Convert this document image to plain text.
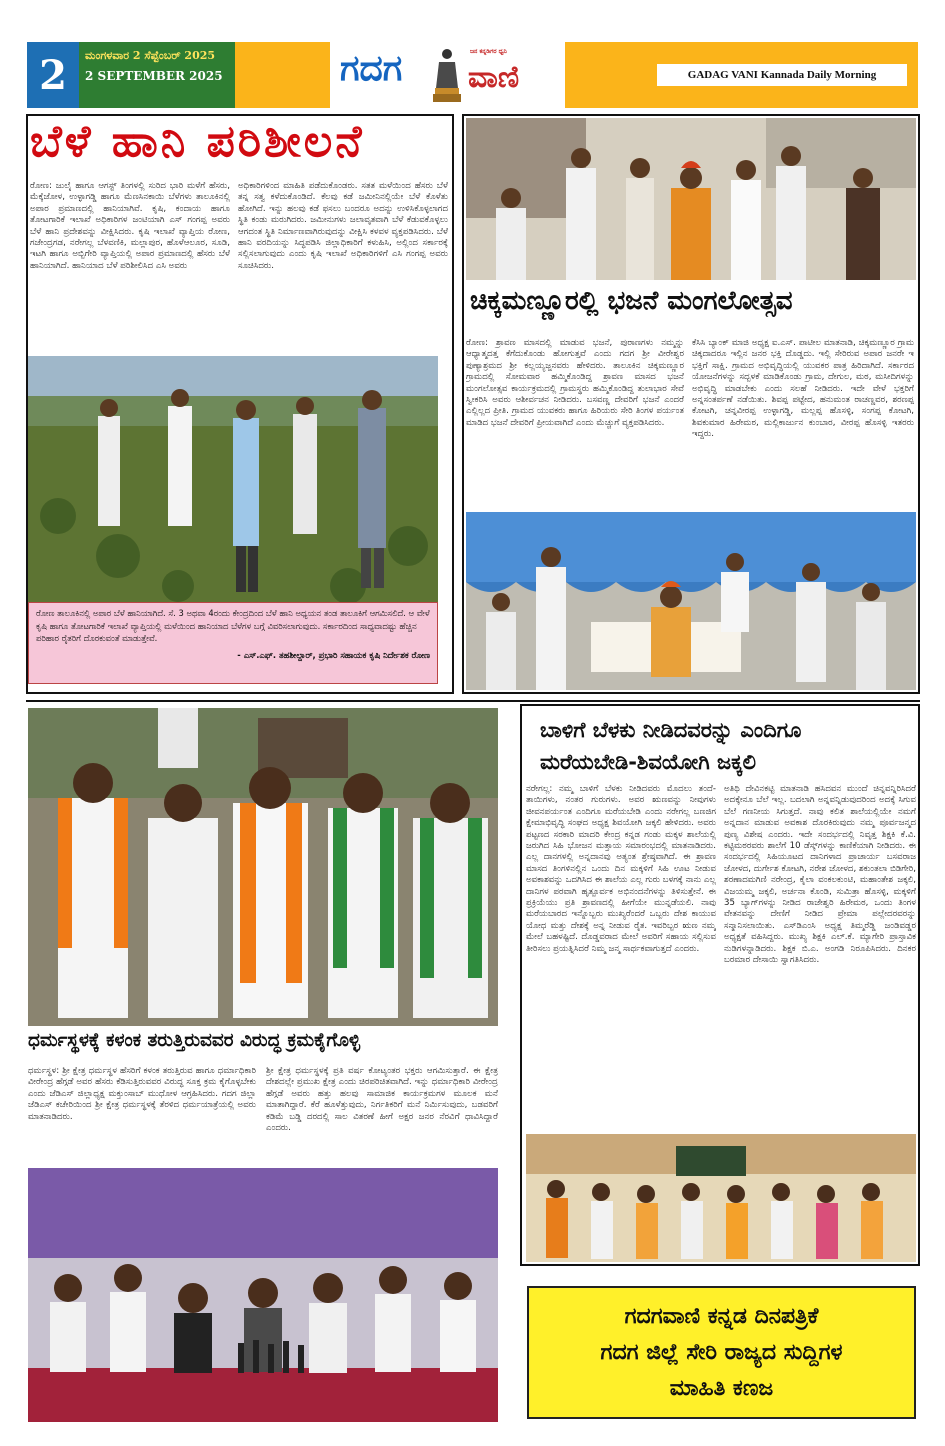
2	ಮಂಗಳವಾರ 2 ಸೆಪ್ಟೆಂಬರ್ 2025
2 SEPTEMBER 2025	ಗದಗ	ಜನ ಕನ್ನಡಿಗರ ಧ್ವನಿ
ವಾಣಿ	GADAG VANI Kannada Daily Morning
ಬೆಳೆ ಹಾನಿ ಪರಿಶೀಲನೆ

ರೋಣ: ಜುಲೈ ಹಾಗೂ ಆಗಸ್ಟ್ ತಿಂಗಳಲ್ಲಿ ಸುರಿದ ಭಾರಿ ಮಳೆಗೆ ಹೆಸರು, ಮೆಕ್ಕೆಜೋಳ, ಉಳ್ಳಾಗಡ್ಡಿ ಹಾಗೂ ಮೆಣಸಿನಕಾಯಿ ಬೆಳೆಗಳು ತಾಲೂಕಿನಲ್ಲಿ ಅಪಾರ ಪ್ರಮಾಣದಲ್ಲಿ ಹಾನಿಯಾಗಿವೆ. ಕೃಷಿ, ಕಂದಾಯ ಹಾಗೂ ತೋಟಗಾರಿಕೆ ಇಲಾಖೆ ಅಧಿಕಾರಿಗಳ ಜಂಟಿಯಾಗಿ ಎಸ್ ಗಂಗಪ್ಪ ಅವರು ಬೆಳೆ ಹಾನಿ ಪ್ರದೇಶವನ್ನು ವೀಕ್ಷಿಸಿದರು. ಕೃಷಿ ಇಲಾಖೆ ವ್ಯಾಪ್ತಿಯ ರೋಣ, ಗಜೇಂದ್ರಗಡ, ನರೇಗಲ್ಲ ಬೆಳವಣಿಕಿ, ಮಲ್ಲಾಪುರ, ಹೊಳೆಆಲೂರ, ಸೂಡಿ, ಇಟಗಿ ಹಾಗೂ ಅಬ್ಬಿಗೇರಿ ವ್ಯಾಪ್ತಿಯಲ್ಲಿ ಅಪಾರ ಪ್ರಮಾಣದಲ್ಲಿ ಹೆಸರು ಬೆಳೆ ಹಾನಿಯಾಗಿದೆ. ಹಾನಿಯಾದ ಬೆಳೆ ಪರಿಶೀಲಿಸಿದ ಎಸಿ ಅವರು

ಅಧಿಕಾರಿಗಳಿಂದ ಮಾಹಿತಿ ಪಡೆದುಕೊಂಡರು. ಸತತ ಮಳೆಯಿಂದ ಹೆಸರು ಬೆಳೆ ತನ್ನ ಸತ್ವ ಕಳೆದುಕೊಂಡಿದೆ. ಕೆಲವು ಕಡೆ ಜಮೀನಿನಲ್ಲಿಯೇ ಬೆಳೆ ಕೊಳೆತು ಹೋಗಿದೆ. ಇನ್ನು ಹಲವು ಕಡೆ ಫಸಲು ಬಂದರೂ ಅದನ್ನು ಉಳಿಸಿಕೊಳ್ಳಲಾಗದ ಸ್ಥಿತಿ ಕಂಡು ಮರುಗಿದರು. ಜಮೀನುಗಳು ಜಲಾವೃತವಾಗಿ ಬೆಳೆ ಕೆಡುವಕೊಳ್ಳಲು ಆಗದಂತ ಸ್ಥಿತಿ ನಿರ್ಮಾಣವಾಗಿರುವುದನ್ನು ವೀಕ್ಷಿಸಿ ಕಳವಳ ವ್ಯಕ್ತಪಡಿಸಿದರು. ಬೆಳೆ ಹಾನಿ ವರದಿಯನ್ನು ಸಿದ್ಧಪಡಿಸಿ ಜಿಲ್ಲಾಧಿಕಾರಿಗೆ ಕಳುಹಿಸಿ, ಅಲ್ಲಿಂದ ಸರ್ಕಾರಕ್ಕೆ ಸಲ್ಲಿಸಲಾಗುವುದು ಎಂದು ಕೃಷಿ ಇಲಾಖೆ ಅಧಿಕಾರಿಗಳಿಗೆ ಎಸಿ ಗಂಗಪ್ಪ ಅವರು ಸೂಚಿಸಿದರು.

ರೋಣ ತಾಲೂಕಿನಲ್ಲಿ ಅಪಾರ ಬೆಳೆ ಹಾನಿಯಾಗಿದೆ. ಸೆ. 3 ಅಥವಾ 4ರಂದು ಕೇಂದ್ರದಿಂದ ಬೆಳೆ ಹಾನಿ ಅಧ್ಯಯನ ತಂಡ ತಾಲೂಕಿಗೆ ಆಗಮಿಸಲಿದೆ. ಆ ವೇಳೆ ಕೃಷಿ ಹಾಗೂ ತೋಟಗಾರಿಕೆ ಇಲಾಖೆ ವ್ಯಾಪ್ತಿಯಲ್ಲಿ ಮಳೆಯಿಂದ ಹಾನಿಯಾದ ಬೆಳೆಗಳ ಬಗ್ಗೆ ವಿವರಿಸಲಾಗುವುದು. ಸರ್ಕಾರದಿಂದ ಸಾಧ್ಯವಾದಷ್ಟು ಹೆಚ್ಚಿನ ಪರಿಹಾರ ರೈತರಿಗೆ ದೊರಕುವಂತೆ ಮಾಡುತ್ತೇವೆ.
- ಎಸ್.ಎಫ್. ತಹಶೀಲ್ದಾರ್, ಪ್ರಭಾರಿ ಸಹಾಯಕ ಕೃಷಿ ನಿರ್ದೇಶಕ ರೋಣ
ಚಿಕ್ಕಮಣ್ಣೂರಲ್ಲಿ ಭಜನೆ ಮಂಗಲೋತ್ಸವ

ರೋಣ: ಶ್ರಾವಣ ಮಾಸದಲ್ಲಿ ಮಾಡುವ ಭಜನೆ, ಪುರಾಣಗಳು ನಮ್ಮನ್ನು ಆಧ್ಯಾತ್ಮದತ್ತ ಕೆಗೆದುಕೊಂಡು ಹೋಗುತ್ತವೆ ಎಂದು ಗದಗ ಶ್ರೀ ವೀರೇಶ್ವರ ಪುಣ್ಯಾಶ್ರಮದ ಶ್ರೀ ಕಲ್ಲಯ್ಯಜ್ಜನವರು ಹೇಳಿದರು. ತಾಲೂಕಿನ ಚಿಕ್ಕಮಣ್ಣೂರ ಗ್ರಾಮದಲ್ಲಿ ಸೋಮವಾರ ಹಮ್ಮಿಕೊಂಡಿದ್ದ ಶ್ರಾವಣ ಮಾಸದ ಭಜನೆ ಮಂಗಲೋತ್ಸವ ಕಾರ್ಯಕ್ರಮದಲ್ಲಿ ಗ್ರಾಮಸ್ಥರು ಹಮ್ಮಿಕೊಂಡಿದ್ದ ತುಲಾಭಾರ ಸೇವೆ ಸ್ವೀಕರಿಸಿ ಅವರು ಆಶೀರ್ವಚನ ನೀಡಿದರು. ಬಸವಣ್ಣ ದೇವರಿಗೆ ಭಜನೆ ಎಂದರೆ ಎಲ್ಲಿಲ್ಲದ ಪ್ರೀತಿ. ಗ್ರಾಮದ ಯುವಕರು ಹಾಗೂ ಹಿರಿಯರು ಸೇರಿ ತಿಂಗಳ ಪರ್ಯಂತ ಮಾಡಿದ ಭಜನೆ ದೇವರಿಗೆ ಪ್ರೀಯವಾಗಿದೆ ಎಂದು ಮೆಚ್ಚುಗೆ ವ್ಯಕ್ತಪಡಿಸಿದರು.

ಕೆಸಿಸಿ ಬ್ಯಾಂಕ್ ಮಾಜಿ ಅಧ್ಯಕ್ಷ ಐ.ಎಸ್. ಪಾಟೀಲ ಮಾತನಾಡಿ, ಚಿಕ್ಕಮಣ್ಣೂರ ಗ್ರಾಮ ಚಿಕ್ಕದಾದರೂ ಇಲ್ಲಿನ ಜನರ ಭಕ್ತಿ ದೊಡ್ಡದು. ಇಲ್ಲಿ ಸೇರಿರುವ ಅಪಾರ ಜನರೇ ಇ ಭಕ್ತಿಗೆ ಸಾಕ್ಷಿ. ಗ್ರಾಮದ ಅಭಿವೃದ್ಧಿಯಲ್ಲಿ ಯುವಕರ ಪಾತ್ರ ಹಿರಿದಾಗಿದೆ. ಸರ್ಕಾರದ ಯೋಜನೆಗಳನ್ನು ಸದ್ಬಳಕೆ ಮಾಡಿಕೊಂಡು ಗ್ರಾಮ, ದೇಗುಲ, ಮಠ, ಮಸೀದಿಗಳನ್ನು ಅಭಿವೃದ್ಧಿ ಮಾಡಬೇಕು ಎಂದು ಸಲಹೆ ನೀಡಿದರು. ಇದೇ ವೇಳೆ ಭಕ್ತರಿಗೆ ಅನ್ನಸಂತರ್ಪಣೆ ನಡೆಯಿತು. ಶಿವಪ್ಪ ಪಟ್ಟೇದ, ಹನುಮಂತ ರಾಚಣ್ಣವರ, ಶರಣಪ್ಪ ಕೋಟಗಿ, ಚನ್ನವೀರಪ್ಪ ಉಳ್ಳಾಗಡ್ಡಿ, ಮಲ್ಲಪ್ಪ ಹೊಸಳ್ಳಿ, ಸಂಗಪ್ಪ ಕೋಟಗಿ, ಶಿವಕುಮಾರ ಹಿರೇಮಠ, ಮಲ್ಲಿಕಾರ್ಜುನ ಕುಂಬಾರ, ವೀರಪ್ಪ ಹೊಸಳ್ಳಿ ಇತರರು ಇದ್ದರು.

ಧರ್ಮಸ್ಥಳಕ್ಕೆ ಕಳಂಕ ತರುತ್ತಿರುವವರ ವಿರುದ್ಧ ಕ್ರಮಕೈಗೊಳ್ಳಿ

ಧರ್ಮಸ್ಥಳ: ಶ್ರೀ ಕ್ಷೇತ್ರ ಧರ್ಮಸ್ಥಳ ಹೆಸರಿಗೆ ಕಳಂಕ ತರುತ್ತಿರುವ ಹಾಗೂ ಧರ್ಮಾಧಿಕಾರಿ ವೀರೇಂದ್ರ ಹೆಗ್ಗಡೆ ಅವರ ಹೆಸರು ಕೆಡಿಸುತ್ತಿರುವವರ ವಿರುದ್ಧ ಸೂಕ್ತ ಕ್ರಮ ಕೈಗೊಳ್ಳಬೇಕು ಎಂದು ಜೆಡಿಎಸ್ ಜಿಲ್ಲಾಧ್ಯಕ್ಷ ಮಕ್ತುಂಸಾಬ್ ಮುಧೋಳ ಆಗ್ರಹಿಸಿದರು. ಗದಗ ಜಿಲ್ಲಾ ಜೆಡಿಎಸ್ ಕಚೇರಿಯಿಂದ ಶ್ರೀ ಕ್ಷೇತ್ರ ಧರ್ಮಸ್ಥಳಕ್ಕೆ ತೆರಳಿದ ಧರ್ಮಯಾತ್ರೆಯಲ್ಲಿ ಅವರು ಮಾತನಾಡಿದರು.

ಶ್ರೀ ಕ್ಷೇತ್ರ ಧರ್ಮಸ್ಥಳಕ್ಕೆ ಪ್ರತಿ ವರ್ಷ ಕೋಟ್ಯಂತರ ಭಕ್ತರು ಆಗಮಿಸುತ್ತಾರೆ. ಈ ಕ್ಷೇತ್ರ ದೇಶದಲ್ಲೇ ಪ್ರಮುಖ ಕ್ಷೇತ್ರ ಎಂದು ಚಿರಪರಿಚಿತವಾಗಿದೆ. ಇನ್ನು ಧರ್ಮಾಧಿಕಾರಿ ವೀರೇಂದ್ರ ಹೆಗ್ಗಡೆ ಅವರು ಹತ್ತು ಹಲವು ಸಾಮಾಜಿಕ ಕಾರ್ಯಕ್ರಮಗಳ ಮೂಲಕ ಮನೆ ಮಾತಾಗಿದ್ದಾರೆ. ಕೆರೆ ಹೂಳೆತ್ತುವುದು, ನಿರ್ಗತಿಕರಿಗೆ ಮನೆ ನಿರ್ಮಿಸುವುದು, ಬಡವರಿಗೆ ಕಡಿಮೆ ಬಡ್ಡಿ ದರದಲ್ಲಿ ಸಾಲ ವಿತರಣೆ ಹೀಗೆ ಅಕ್ಷರ ಜನರ ನೆರವಿಗೆ ಧಾವಿಸಿದ್ದಾರೆ ಎಂದರು.

ಬಾಳಿಗೆ ಬೆಳಕು ನೀಡಿದವರನ್ನು ಎಂದಿಗೂ
ಮರೆಯಬೇಡಿ-ಶಿವಯೋಗಿ ಜಕ್ಕಲಿ

ನರೇಗಲ್ಲ: ನಮ್ಮ ಬಾಳಿಗೆ ಬೆಳಕು ನೀಡಿದವರು ಮೊದಲು ತಂದೆ-ತಾಯಿಗಳು, ನಂತರ ಗುರುಗಳು. ಅವರ ಋಣವನ್ನು ನೀವುಗಳು ಜೀವನಪರ್ಯಂತ ಎಂದಿಗೂ ಮರೆಯಬೇಡಿ ಎಂದು ನರೇಗಲ್ಲ ಬಣಜಿಗ ಕ್ಷೇಮಾಭಿವೃದ್ಧಿ ಸಂಘದ ಅಧ್ಯಕ್ಷ ಶಿವಯೋಗಿ ಜಕ್ಕಲಿ ಹೇಳಿದರು. ಅವರು ಪಟ್ಟಣದ ಸರಕಾರಿ ಮಾದರಿ ಕೇಂದ್ರ ಕನ್ನಡ ಗಂಡು ಮಕ್ಕಳ ಶಾಲೆಯಲ್ಲಿ ಜರುಗಿದ ಸಿಹಿ ಭೋಜನ ಮತ್ತಾಯ ಸಮಾರಂಭದಲ್ಲಿ ಮಾತನಾಡಿದರು. ಎಲ್ಲ ದಾನಗಳಲ್ಲಿ ಅನ್ನದಾನವು ಅತ್ಯಂತ ಶ್ರೇಷ್ಠವಾಗಿದೆ. ಈ ಶ್ರಾವಣ ಮಾಸದ ತಿಂಗಳಿನಲ್ಲಿನ ಒಂದು ದಿನ ಮಕ್ಕಳಿಗೆ ಸಿಹಿ ಊಟ ನೀಡುವ ಅವಕಾಶವನ್ನು ಒದಗಿಸಿದ ಈ ಶಾಲೆಯ ಎಲ್ಲ ಗುರು ಬಳಗಕ್ಕೆ ನಾನು ಎಲ್ಲ ದಾನಿಗಳ ಪರವಾಗಿ ಹೃತ್ಪೂರ್ವಕ ಅಭಿನಂದನೆಗಳನ್ನು ತಿಳಿಸುತ್ತೇನೆ. ಈ ಪ್ರಕ್ರಿಯೆಯು ಪ್ರತಿ ಶ್ರಾವಣದಲ್ಲಿ ಹೀಗೆಯೇ ಮುನ್ನಡೆಯಲಿ. ನಾವು ಮರೆಯಬಾರದ ಇನ್ನೊಬ್ಬರು ಮುಖ್ಯರೆಂದರೆ ಒಬ್ಬರು ದೇಶ ಕಾಯುವ ಯೋಧ ಮತ್ತು ದೇಶಕ್ಕೆ ಅನ್ನ ನೀಡುವ ರೈತ. ಇವರಿಬ್ಬರ ಋಣ ನಮ್ಮ ಮೇಲೆ ಬಹಳಷ್ಟಿದೆ. ದೊಡ್ಡವರಾದ ಮೇಲೆ ಅವರಿಗೆ ಸಹಾಯ ಸಲ್ಲಿಸುವ ತೀರಿಸಲು ಪ್ರಯತ್ನಿಸಿದರೆ ನಿಮ್ಮ ಜನ್ಮ ಸಾರ್ಥಕವಾಗುತ್ತದೆ ಎಂದರು.

ಅತಿಥಿ ದೇವಿನಕಟ್ಟಿ ಮಾತನಾಡಿ ಹಸಿದವನ ಮುಂದೆ ಚಿನ್ನವನ್ನಿರಿಸಿದರೆ ಅದಕ್ಕೇನೂ ಬೆಲೆ ಇಲ್ಲ. ಬದಲಾಗಿ ಅನ್ನವನ್ನಿಡುವುದರಿಂದ ಅದಕ್ಕೆ ಸಿಗುವ ಬೆಲೆ ಗಣನೀಯ ಸಿಗುತ್ತದೆ. ನಾವು ಕಲಿತ ಶಾಲೆಯಲ್ಲಿಯೇ ನಮಗೆ ಅನ್ನದಾನ ಮಾಡುವ ಅವಕಾಶ ದೊರಕಿರುವುದು ನಮ್ಮ ಪೂರ್ವಜನ್ಮದ ಪುಣ್ಯ ವಿಶೇಷ ಎಂದರು. ಇದೇ ಸಂದರ್ಭದಲ್ಲಿ ನಿವೃತ್ತ ಶಿಕ್ಷಕಿ ಕೆ.ವಿ. ಕಟ್ಟಿಮಠರವರು ಶಾಲೆಗೆ 10 ಡೆಸ್ಕ್‌ಗಳನ್ನು ಕಾಣಿಕೆಯಾಗಿ ನೀಡಿದರು. ಈ ಸಂದರ್ಭದಲ್ಲಿ ಸಿಹಿಯೂಟದ ದಾನಿಗಳಾದ ಪ್ರಾಚಾರ್ಯ ಬಸವರಾಜ ಜೋಳದ, ದುರ್ಗೇಶ ಕೋಟಗಿ, ನರೇಶ ಜೋಳದ, ಶಕುಂತಲಾ ಬಿಡಿಗೇರಿ, ಶರಣಾದಮಗಿಣಿ ನರೇಂದ್ರ, ಕೈಲಾ ವಂಕಲಕುಂಟಿ, ಮಹಾಂತೇಶ ಜಕ್ಕಲಿ, ವಿಜಯಮ್ಮ ಜಕ್ಕಲಿ, ಅರ್ಚನಾ ಕೊಂಡಿ, ಸುಮಿತ್ರಾ ಹೊಸಳ್ಳಿ, ಮಕ್ಕಳಿಗೆ 35 ಬ್ಯಾಗ್‌ಗಳನ್ನು ನೀಡಿದ ರಾಜೇಶ್ವರಿ ಹಿರೇಮಠ, ಒಂದು ತಿಂಗಳ ವೇತನವನ್ನು ದೇಣಿಗೆ ನೀಡಿದ ಪ್ರೇಮಾ ಪಲ್ಲೇದರವರನ್ನು ಸನ್ಮಾನಿಸಲಾಯಿತು. ಎಸ್‌ಡಿಎಂಸಿ ಅಧ್ಯಕ್ಷ ತಿಮ್ಮರೆಡ್ಡಿ ಜಂಡಿವಡ್ಡರ ಅಧ್ಯಕ್ಷತೆ ವಹಿಸಿದ್ದರು. ಮುಖ್ಯ ಶಿಕ್ಷಕಿ ಎಲ್.ಕೆ. ಮ್ಯಾಗೇರಿ ಪ್ರಾಸ್ತಾವಿಕ ನುಡಿಗಳನ್ನಾಡಿದರು. ಶಿಕ್ಷಕ ಬಿ.ಎ. ಅಂಗಡಿ ನಿರೂಪಿಸಿದರು. ದಿನಕರ ಬರಮಾರ ದೇಸಾಯಿ ಸ್ವಾಗತಿಸಿದರು.

ಗದಗವಾಣಿ ಕನ್ನಡ ದಿನಪತ್ರಿಕೆ
ಗದಗ ಜಿಲ್ಲೆ ಸೇರಿ ರಾಜ್ಯದ ಸುದ್ದಿಗಳ
ಮಾಹಿತಿ ಕಣಜ
